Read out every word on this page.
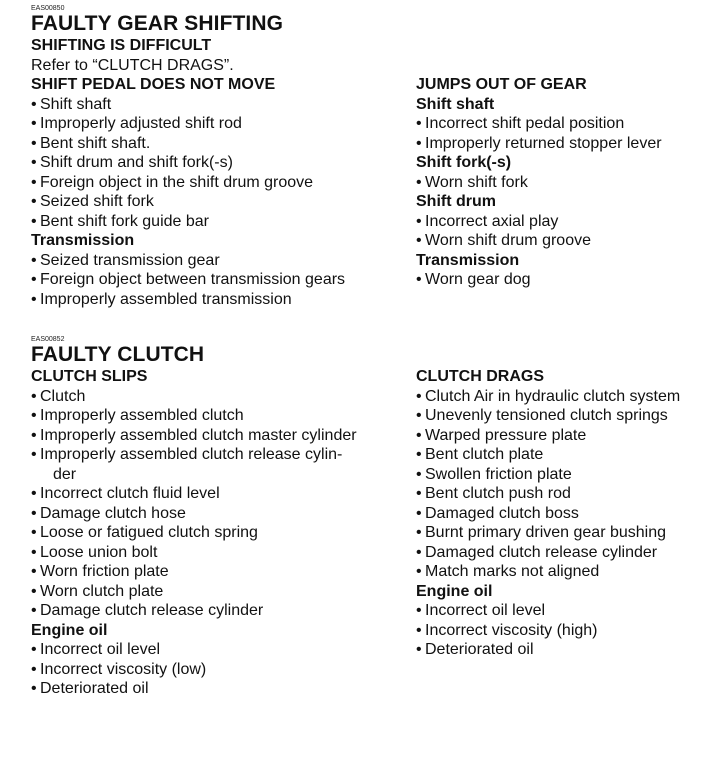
EAS00850
FAULTY GEAR SHIFTING
SHIFTING IS DIFFICULT
Refer to “CLUTCH DRAGS”.
SHIFT PEDAL DOES NOT MOVE
• Shift shaft
• Improperly adjusted shift rod
• Bent shift shaft.
• Shift drum and shift fork(-s)
• Foreign object in the shift drum groove
• Seized shift fork
• Bent shift fork guide bar
Transmission
• Seized transmission gear
• Foreign object between transmission gears
• Improperly assembled transmission
JUMPS OUT OF GEAR
Shift shaft
• Incorrect shift pedal position
• Improperly returned stopper lever
Shift fork(-s)
• Worn shift fork
Shift drum
• Incorrect axial play
• Worn shift drum groove
Transmission
• Worn gear dog
EAS00852
FAULTY CLUTCH
CLUTCH SLIPS
• Clutch
• Improperly assembled clutch
• Improperly assembled clutch master cylinder
• Improperly assembled clutch release cylin-
der
• Incorrect clutch fluid level
• Damage clutch hose
• Loose or fatigued clutch spring
• Loose union bolt
• Worn friction plate
• Worn clutch plate
• Damage clutch release cylinder
Engine oil
• Incorrect oil level
• Incorrect viscosity (low)
• Deteriorated oil
CLUTCH DRAGS
• Clutch Air in hydraulic clutch system
• Unevenly tensioned clutch springs
• Warped pressure plate
• Bent clutch plate
• Swollen friction plate
• Bent clutch push rod
• Damaged clutch boss
• Burnt primary driven gear bushing
• Damaged clutch release cylinder
• Match marks not aligned
Engine oil
• Incorrect oil level
• Incorrect viscosity (high)
• Deteriorated oil
